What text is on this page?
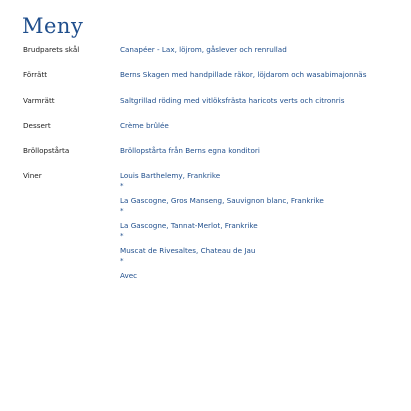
Meny
Brudparets skål	Canapéer - Lax, löjrom, gåslever och renrullad
Förrätt	Berns Skagen med handpillade räkor, löjdarom och wasabimajonnäs
Varmrätt	Saltgrillad röding med vitlöksfrästa haricots verts och citronris
Dessert	Crème brûlée
Bröllopstårta	Bröllopstårta från Berns egna konditori
Viner	Louis Barthelemy, Frankrike
*
La Gascogne, Gros Manseng, Sauvignon blanc, Frankrike
*
La Gascogne, Tannat-Merlot, Frankrike
*
Muscat de Rivesaltes, Chateau de Jau
*
Avec
